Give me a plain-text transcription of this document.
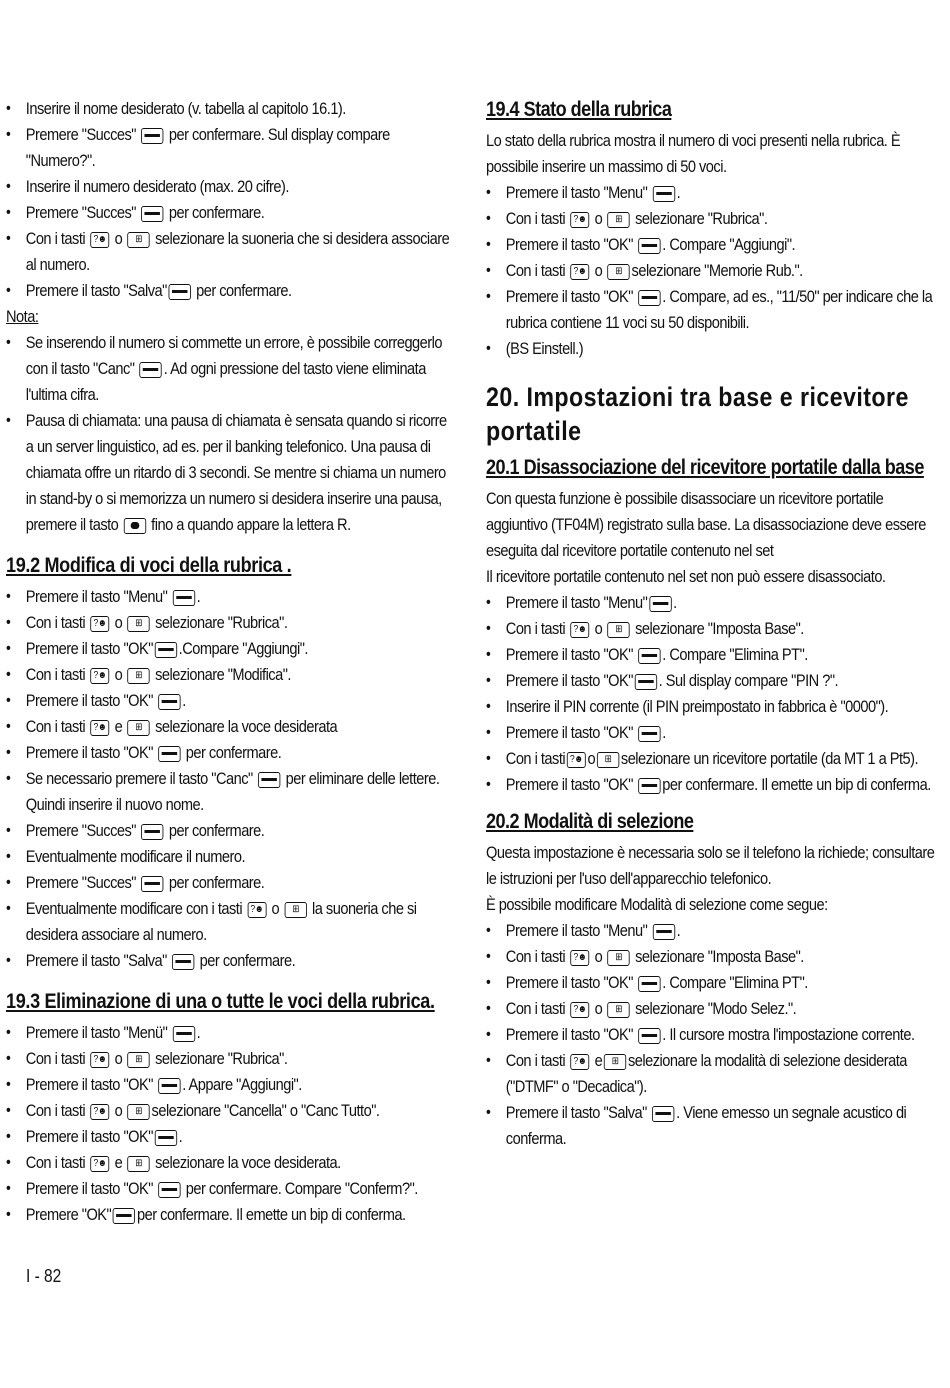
• Inserire il nome desiderato (v. tabella al capitolo 16.1).
• Premere "Succes"  per confermare. Sul display compare "Numero?".
• Inserire il numero desiderato (max. 20 cifre).
• Premere "Succes"  per confermare.
• Con i tasti ?☻ o ⊞ selezionare la suoneria che si desidera associare al numero.
• Premere il tasto "Salva" per confermare.
Nota:
• Se inserendo il numero si commette un errore, è possibile correggerlo con il tasto "Canc" . Ad ogni pressione del tasto viene eliminata l'ultima cifra.
• Pausa di chiamata: una pausa di chiamata è sensata quando si ricorre a un server linguistico, ad es. per il banking telefonico. Una pausa di chiamata offre un ritardo di 3 secondi. Se mentre si chiama un numero in stand-by o si memorizza un numero si desidera inserire una pausa, premere il tasto  fino a quando appare la lettera R.
19.2 Modifica di voci della rubrica .
• Premere il tasto "Menu" .
• Con i tasti ?☻ o ⊞ selezionare "Rubrica".
• Premere il tasto "OK" .Compare "Aggiungi".
• Con i tasti ?☻ o ⊞ selezionare "Modifica".
• Premere il tasto "OK" .
• Con i tasti ?☻ e ⊞ selezionare la voce desiderata
• Premere il tasto "OK"  per confermare.
• Se necessario premere il tasto "Canc"  per eliminare delle lettere. Quindi inserire il nuovo nome.
• Premere "Succes"  per confermare.
• Eventualmente modificare il numero.
• Premere "Succes"  per confermare.
• Eventualmente modificare con i tasti ?☻ o ⊞ la suoneria che si desidera associare al numero.
• Premere il tasto "Salva"  per confermare.
19.3 Eliminazione di una o tutte le voci della rubrica.
• Premere il tasto "Menü" .
• Con i tasti ?☻ o ⊞ selezionare "Rubrica".
• Premere il tasto "OK" . Appare "Aggiungi".
• Con i tasti ?☻ o ⊞ selezionare "Cancella" o "Canc Tutto".
• Premere il tasto "OK" .
• Con i tasti ?☻ e ⊞ selezionare la voce desiderata.
• Premere il tasto "OK"  per confermare. Compare "Conferm?".
• Premere "OK" per confermare. Il emette un bip di conferma.
19.4 Stato della rubrica
Lo stato della rubrica mostra il numero di voci presenti nella rubrica. È possibile inserire un massimo di 50 voci.
• Premere il tasto "Menu" .
• Con i tasti ?☻ o ⊞ selezionare "Rubrica".
• Premere il tasto "OK" . Compare "Aggiungi".
• Con i tasti ?☻ o ⊞ selezionare "Memorie Rub.".
• Premere il tasto "OK" . Compare, ad es., "11/50" per indicare che la rubrica contiene 11 voci su 50 disponibili.
• (BS Einstell.)
20. Impostazioni tra base e ricevitore portatile
20.1 Disassociazione del ricevitore portatile dalla base
Con questa funzione è possibile disassociare un ricevitore portatile aggiuntivo (TF04M) registrato sulla base. La disassociazione deve essere eseguita dal ricevitore portatile contenuto nel set
Il ricevitore portatile contenuto nel set non può essere disassociato.
• Premere il tasto "Menu" .
• Con i tasti ?☻ o ⊞ selezionare "Imposta Base".
• Premere il tasto "OK" . Compare "Elimina PT".
• Premere il tasto "OK" . Sul display compare "PIN ?".
• Inserire il PIN corrente (il PIN preimpostato in fabbrica è "0000").
• Premere il tasto "OK" .
• Con i tasti ?☻ o ⊞ selezionare un ricevitore portatile (da MT 1 a Pt5).
• Premere il tasto "OK" per confermare. Il emette un bip di conferma.
20.2 Modalità di selezione
Questa impostazione è necessaria solo se il telefono la richiede; consultare le istruzioni per l'uso dell'apparecchio telefonico.
È possibile modificare Modalità di selezione come segue:
• Premere il tasto "Menu" .
• Con i tasti ?☻ o ⊞ selezionare "Imposta Base".
• Premere il tasto "OK" . Compare "Elimina PT".
• Con i tasti ?☻ o ⊞ selezionare "Modo Selez.".
• Premere il tasto "OK" . Il cursore mostra l'impostazione corrente.
• Con i tasti ?☻ e ⊞ selezionare la modalità di selezione desiderata ("DTMF" o "Decadica").
• Premere il tasto "Salva" . Viene emesso un segnale acustico di conferma.
I - 82
